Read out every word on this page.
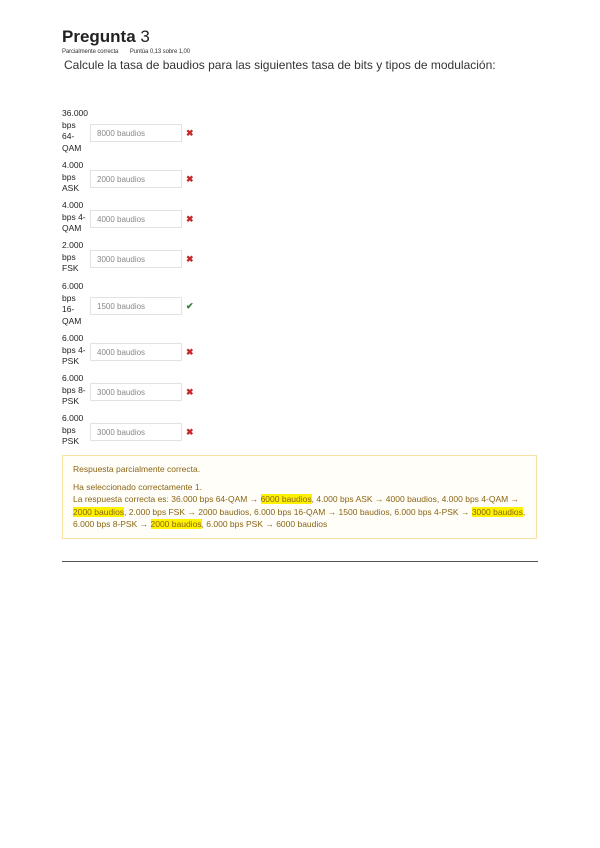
Pregunta 3
Parcialmente correcta Puntúa 0,13 sobre 1,00
Calcule la tasa de baudios para las siguientes tasa de bits y tipos de modulación:
36.000 bps 64-QAM
8000 baudios
✖
4.000 bps ASK
2000 baudios
✖
4.000 bps 4-QAM
4000 baudios
✖
2.000 bps FSK
3000 baudios
✖
6.000 bps 16-QAM
1500 baudios
✔
6.000 bps 4-PSK
4000 baudios
✖
6.000 bps 8-PSK
3000 baudios
✖
6.000 bps PSK
3000 baudios
✖
Respuesta parcialmente correcta.
Ha seleccionado correctamente 1.
La respuesta correcta es: 36.000 bps 64-QAM → 6000 baudios, 4.000 bps ASK → 4000 baudios, 4.000 bps 4-QAM → 2000 baudios, 2.000 bps FSK → 2000 baudios, 6.000 bps 16-QAM → 1500 baudios, 6.000 bps 4-PSK → 3000 baudios, 6.000 bps 8-PSK → 2000 baudios, 6.000 bps PSK → 6000 baudios
